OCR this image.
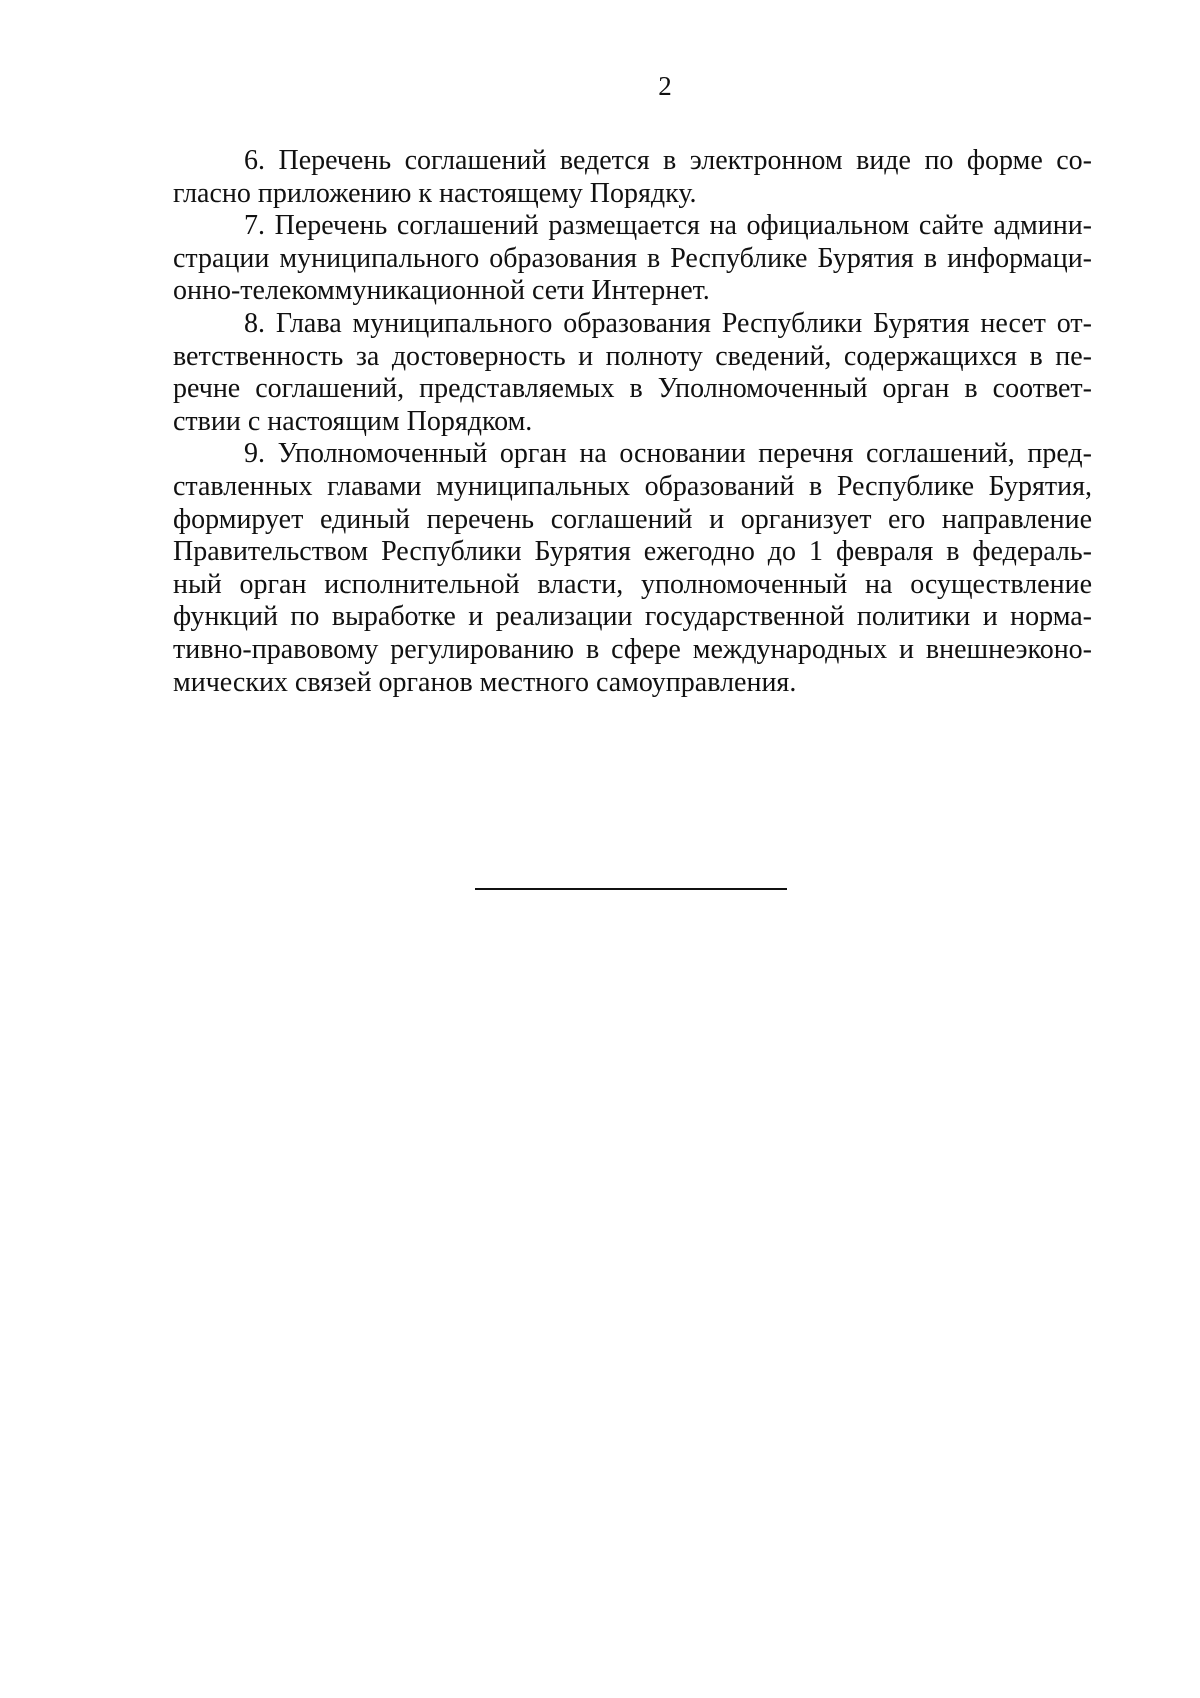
2
6. Перечень соглашений ведется в электронном виде по форме со-
гласно приложению к настоящему Порядку.
7. Перечень соглашений размещается на официальном сайте админи-
страции муниципального образования в Республике Бурятия в информаци-
онно-телекоммуникационной сети Интернет.
8. Глава муниципального образования Республики Бурятия несет от-
ветственность за достоверность и полноту сведений, содержащихся в пе-
речне соглашений, представляемых в Уполномоченный орган в соответ-
ствии с настоящим Порядком.
9. Уполномоченный орган на основании перечня соглашений, пред-
ставленных главами муниципальных образований в Республике Бурятия,
формирует единый перечень соглашений и организует его направление
Правительством Республики Бурятия ежегодно до 1 февраля в федераль-
ный орган исполнительной власти, уполномоченный на осуществление
функций по выработке и реализации государственной политики и норма-
тивно-правовому регулированию в сфере международных и внешнеэконо-
мических связей органов местного самоуправления.
